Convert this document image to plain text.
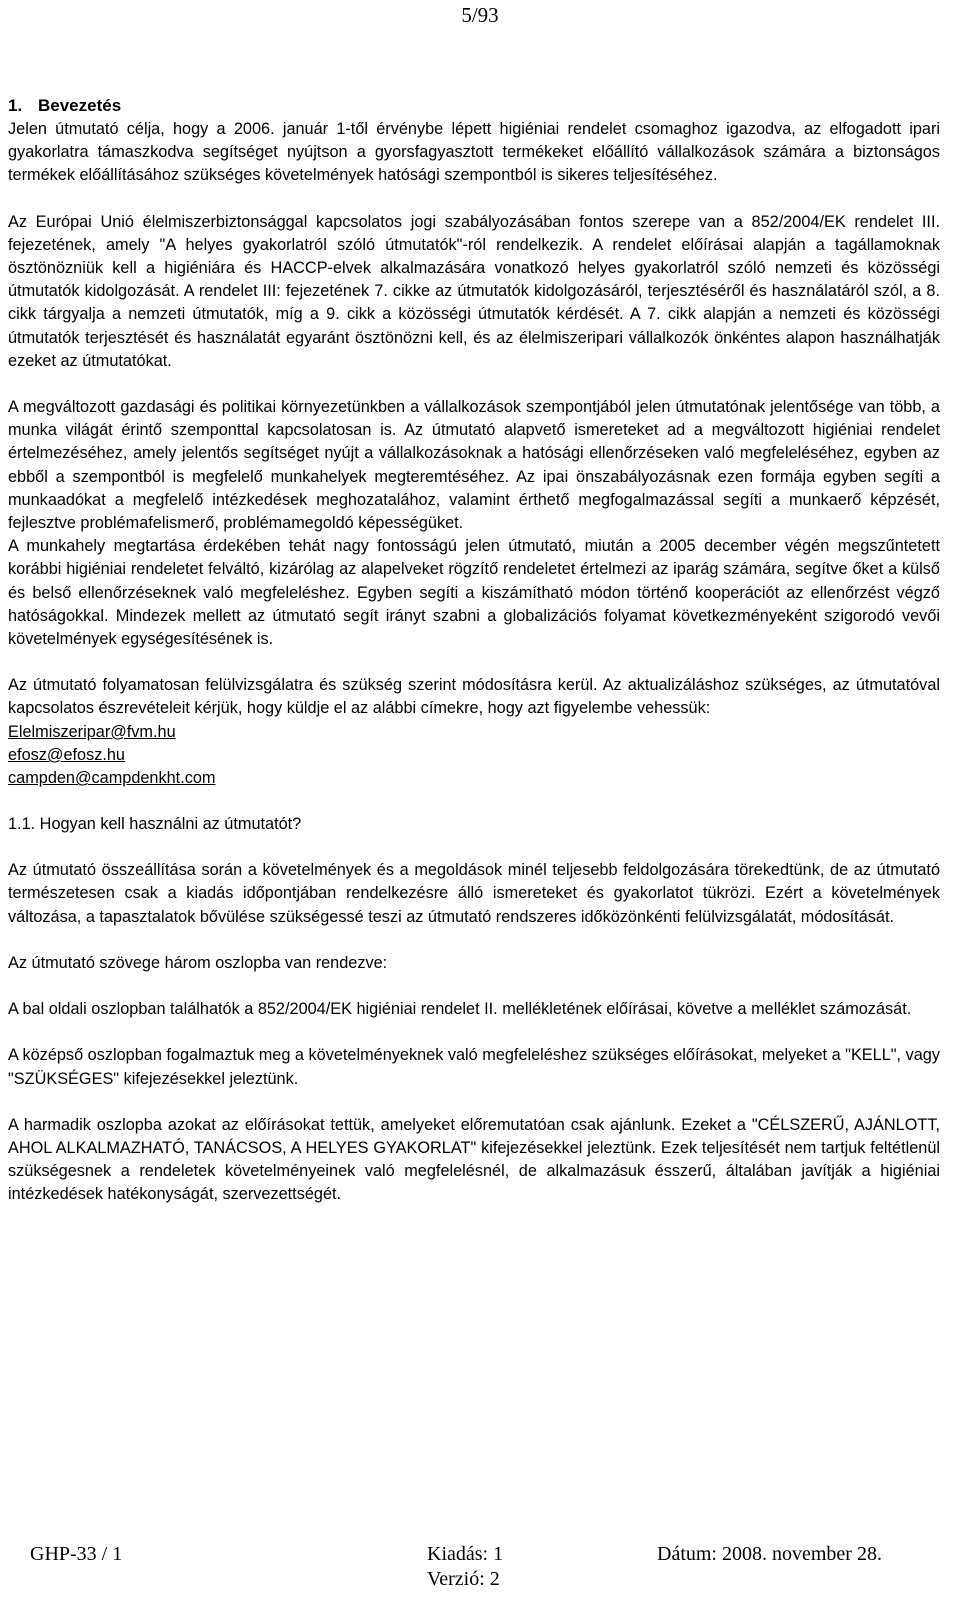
5/93
1. Bevezetés

Jelen útmutató célja, hogy a 2006. január 1-től érvénybe lépett higiéniai rendelet csomaghoz igazodva, az elfogadott ipari gyakorlatra támaszkodva segítséget nyújtson a gyorsfagyasztott termékeket előállító vállalkozások számára a biztonságos termékek előállításához szükséges követelmények hatósági szempontból is sikeres teljesítéséhez.

Az Európai Unió élelmiszerbiztonsággal kapcsolatos jogi szabályozásában fontos szerepe van a 852/2004/EK rendelet III. fejezetének, amely "A helyes gyakorlatról szóló útmutatók"-ról rendelkezik. A rendelet előírásai alapján a tagállamoknak ösztönözniük kell a higiéniára és HACCP-elvek alkalmazására vonatkozó helyes gyakorlatról szóló nemzeti és közösségi útmutatók kidolgozását. A rendelet III: fejezetének 7. cikke az útmutatók kidolgozásáról, terjesztéséről és használatáról szól, a 8. cikk tárgyalja a nemzeti útmutatók, míg a 9. cikk a közösségi útmutatók kérdését. A 7. cikk alapján a nemzeti és közösségi útmutatók terjesztését és használatát egyaránt ösztönözni kell, és az élelmiszeripari vállalkozók önkéntes alapon használhatják ezeket az útmutatókat.

A megváltozott gazdasági és politikai környezetünkben a vállalkozások szempontjából jelen útmutatónak jelentősége van több, a munka világát érintő szemponttal kapcsolatosan is. Az útmutató alapvető ismereteket ad a megváltozott higiéniai rendelet értelmezéséhez, amely jelentős segítséget nyújt a vállalkozásoknak a hatósági ellenőrzéseken való megfeleléséhez, egyben az ebből a szempontból is megfelelő munkahelyek megteremtéséhez. Az ipai önszabályozásnak ezen formája egyben segíti a munkaadókat a megfelelő intézkedések meghozatalához, valamint érthető megfogalmazással segíti a munkaerő képzését, fejlesztve problémafelismerő, problémamegoldó képességüket.

A munkahely megtartása érdekében tehát nagy fontosságú jelen útmutató, miután a 2005 december végén megszűntetett korábbi higiéniai rendeletet felváltó, kizárólag az alapelveket rögzítő rendeletet értelmezi az iparág számára, segítve őket a külső és belső ellenőrzéseknek való megfeleléshez. Egyben segíti a kiszámítható módon történő kooperációt az ellenőrzést végző hatóságokkal. Mindezek mellett az útmutató segít irányt szabni a globalizációs folyamat következményeként szigorodó vevői követelmények egységesítésének is.

Az útmutató folyamatosan felülvizsgálatra és szükség szerint módosításra kerül. Az aktualizáláshoz szükséges, az útmutatóval kapcsolatos észrevételeit kérjük, hogy küldje el az alábbi címekre, hogy azt figyelembe vehessük:

Elelmiszeripar@fvm.hu
efosz@efosz.hu
campden@campdenkht.com
1.1. Hogyan kell használni az útmutatót?

Az útmutató összeállítása során a követelmények és a megoldások minél teljesebb feldolgozására törekedtünk, de az útmutató természetesen csak a kiadás időpontjában rendelkezésre álló ismereteket és gyakorlatot tükrözi. Ezért a követelmények változása, a tapasztalatok bővülése szükségessé teszi az útmutató rendszeres időközönkénti felülvizsgálatát, módosítását.

Az útmutató szövege három oszlopba van rendezve:

A bal oldali oszlopban találhatók a 852/2004/EK higiéniai rendelet II. mellékletének előírásai, követve a melléklet számozását.

A középső oszlopban fogalmaztuk meg a követelményeknek való megfeleléshez szükséges előírásokat, melyeket a "KELL", vagy "SZÜKSÉGES" kifejezésekkel jeleztünk.

A harmadik oszlopba azokat az előírásokat tettük, amelyeket előremutatóan csak ajánlunk. Ezeket a "CÉLSZERŰ, AJÁNLOTT, AHOL ALKALMAZHATÓ, TANÁCSOS, A HELYES GYAKORLAT" kifejezésekkel jeleztünk. Ezek teljesítését nem tartjuk feltétlenül szükségesnek a rendeletek követelményeinek való megfelelésnél, de alkalmazásuk ésszerű, általában javítják a higiéniai intézkedések hatékonyságát, szervezettségét.

GHP-33 / 1	Kiadás: 1
Verzió: 2
Dátum: 2008. november 28.
